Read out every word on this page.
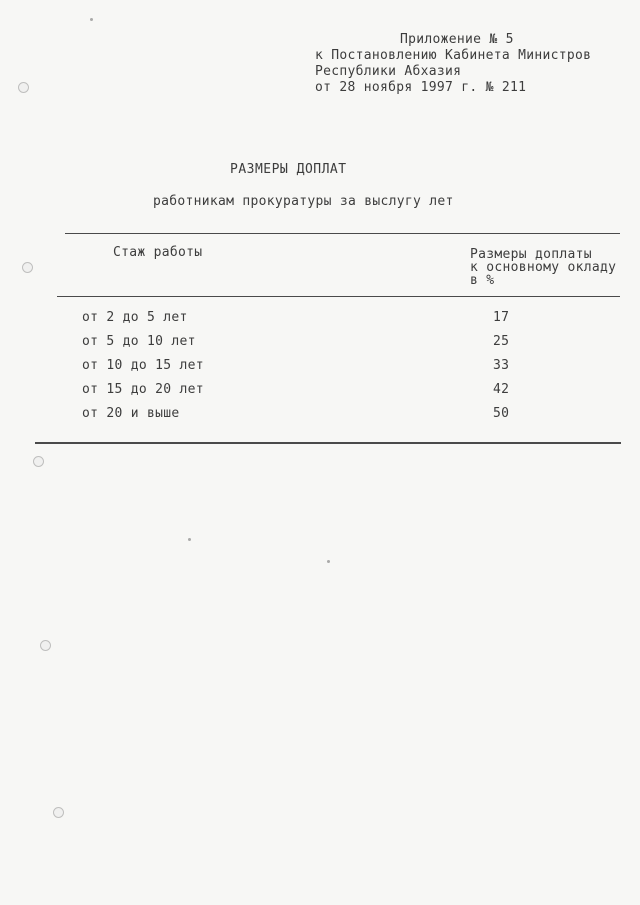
Приложение № 5
к Постановлению Кабинета Министров
Республики Абхазия
от 28 ноября 1997 г. № 211
РАЗМЕРЫ ДОПЛАТ
работникам прокуратуры за выслугу лет
Стаж работы	Размеры доплаты
к основному окладу
в %
от 2 до 5 лет	17
от 5 до 10 лет	25
от 10 до 15 лет	33
от 15 до 20 лет	42
от 20 и выше	50
